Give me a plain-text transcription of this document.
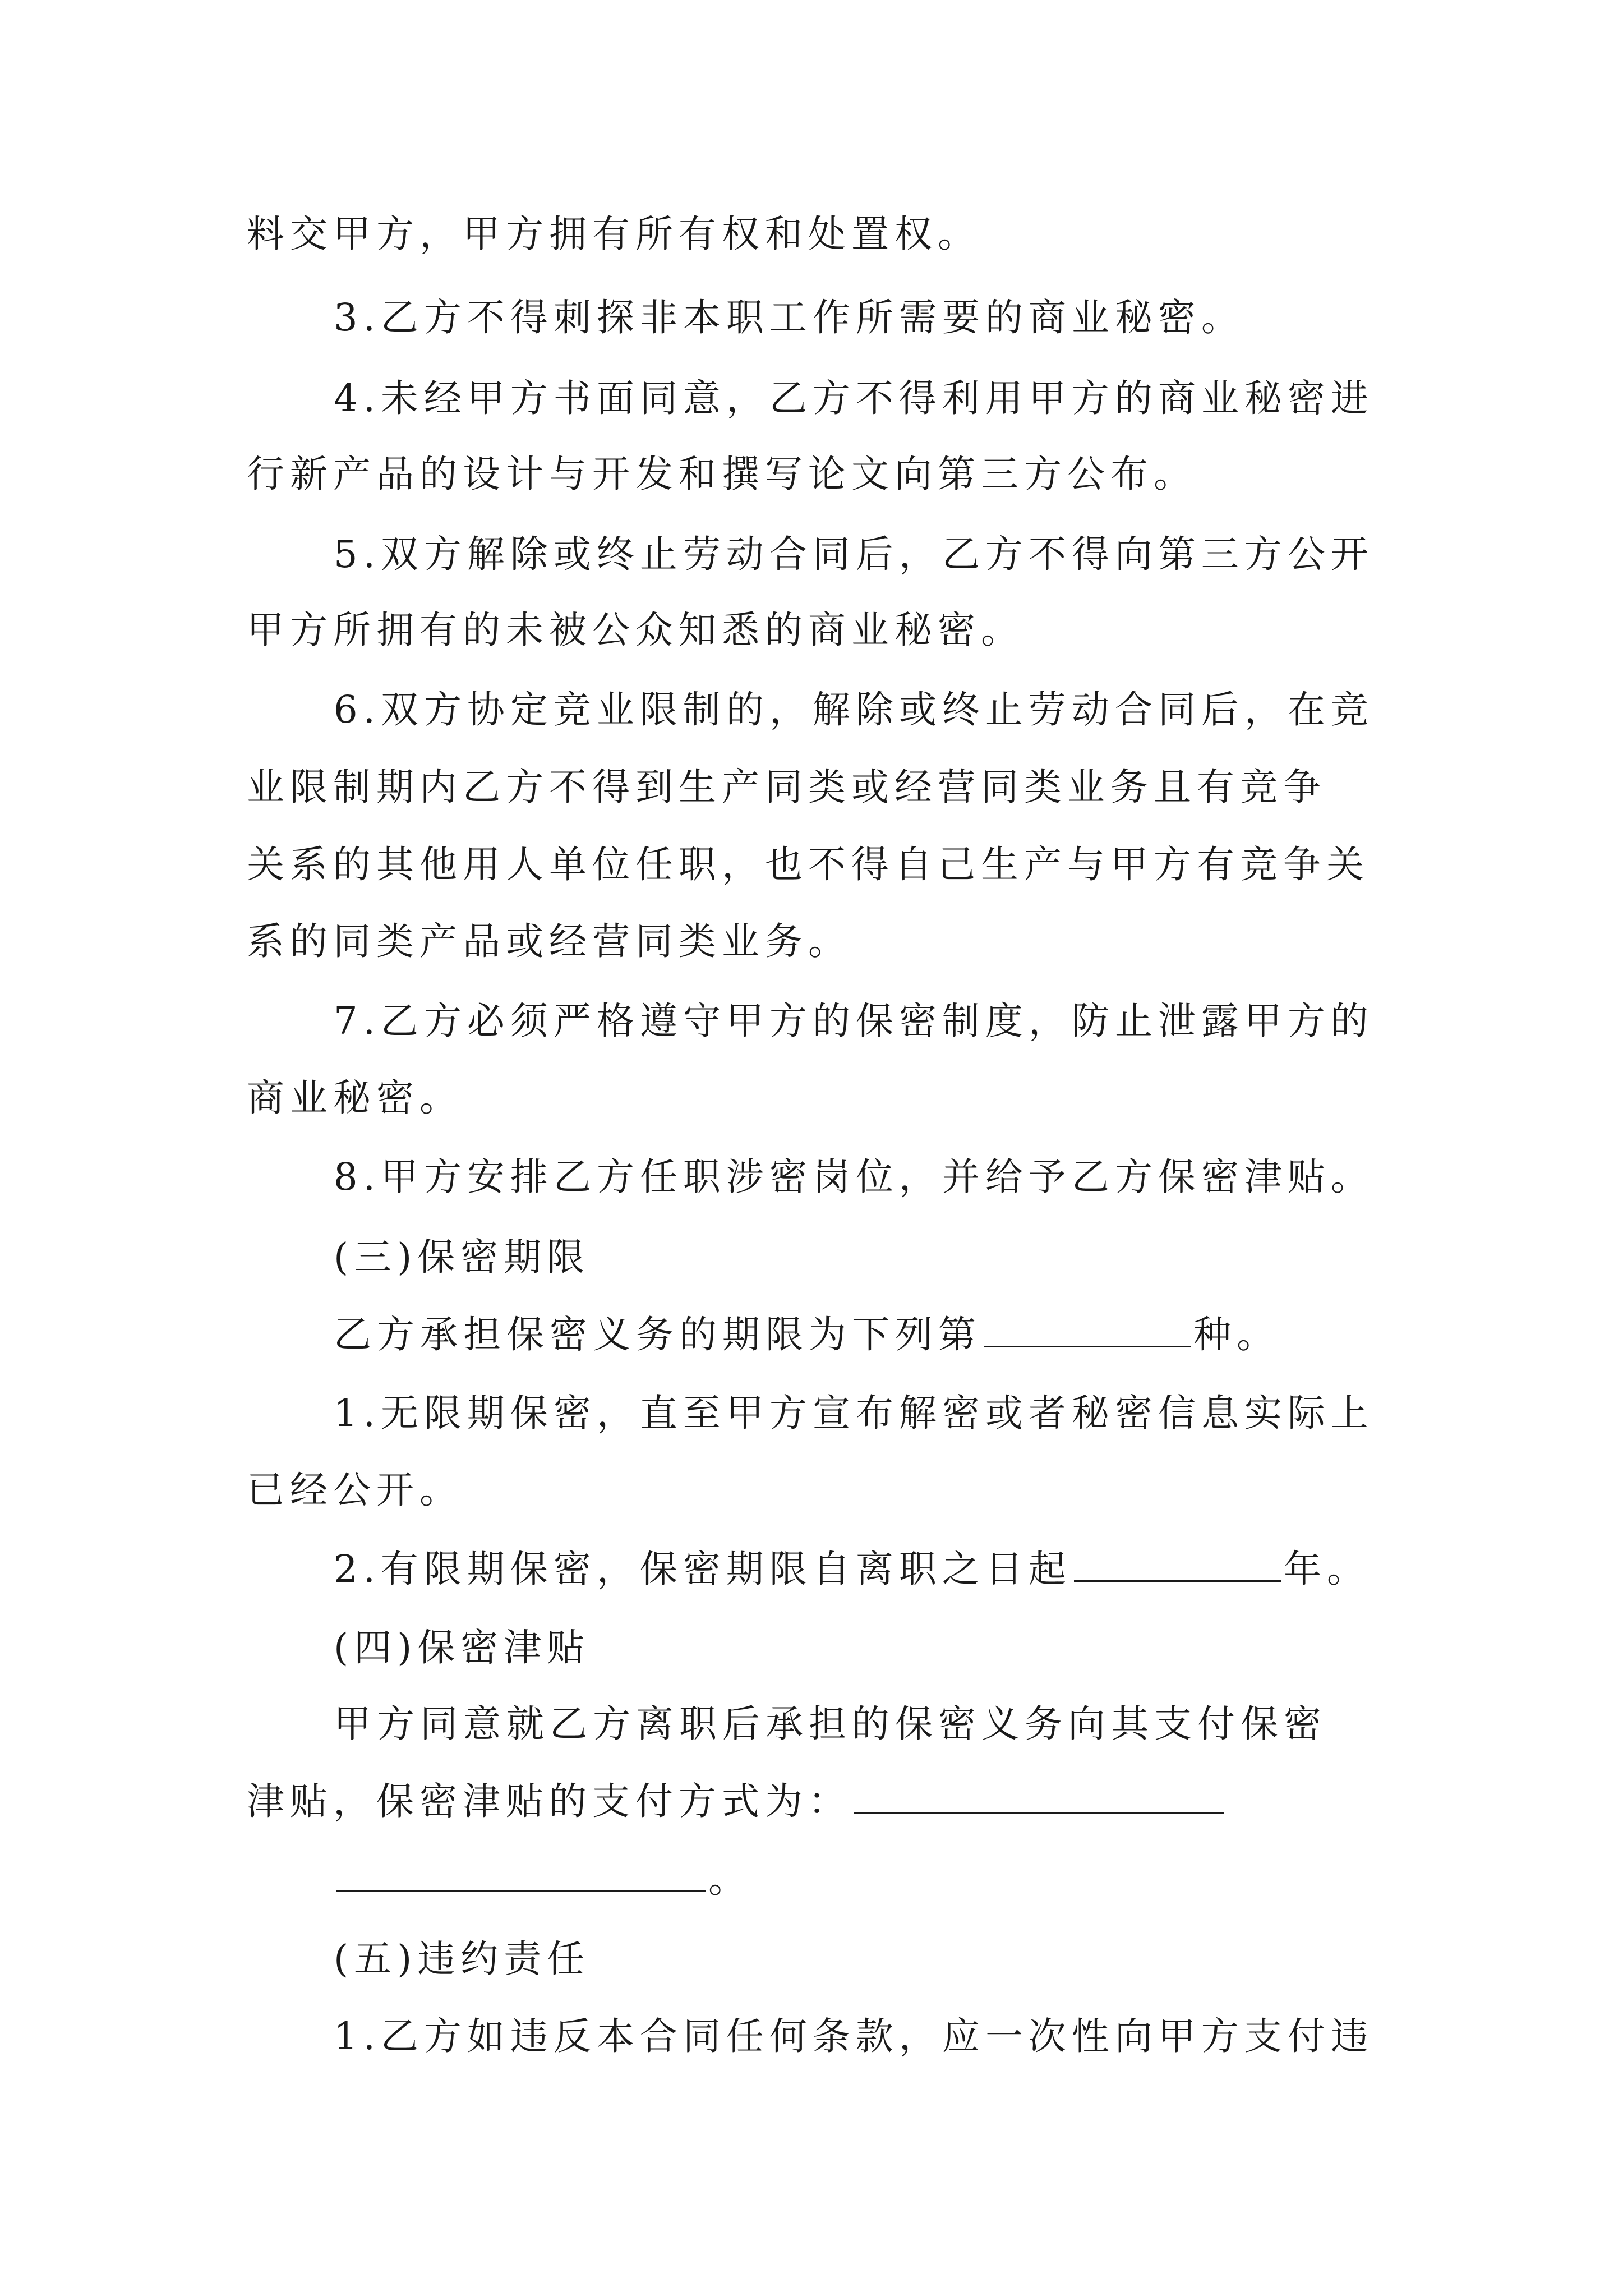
料交甲方，甲方拥有所有权和处置权。
3.乙方不得刺探非本职工作所需要的商业秘密。
4.未经甲方书面同意，乙方不得利用甲方的商业秘密进
行新产品的设计与开发和撰写论文向第三方公布。
5.双方解除或终止劳动合同后，乙方不得向第三方公开
甲方所拥有的未被公众知悉的商业秘密。
6.双方协定竞业限制的，解除或终止劳动合同后，在竞
业限制期内乙方不得到生产同类或经营同类业务且有竞争
关系的其他用人单位任职，也不得自己生产与甲方有竞争关
系的同类产品或经营同类业务。
7.乙方必须严格遵守甲方的保密制度，防止泄露甲方的
商业秘密。
8.甲方安排乙方任职涉密岗位，并给予乙方保密津贴。
(三)保密期限
乙方承担保密义务的期限为下列第	种。
1.无限期保密，直至甲方宣布解密或者秘密信息实际上
已经公开。
2.有限期保密，保密期限自离职之日起	年。
(四)保密津贴
甲方同意就乙方离职后承担的保密义务向其支付保密
津贴，保密津贴的支付方式为：
。
(五)违约责任
1.乙方如违反本合同任何条款，应一次性向甲方支付违
